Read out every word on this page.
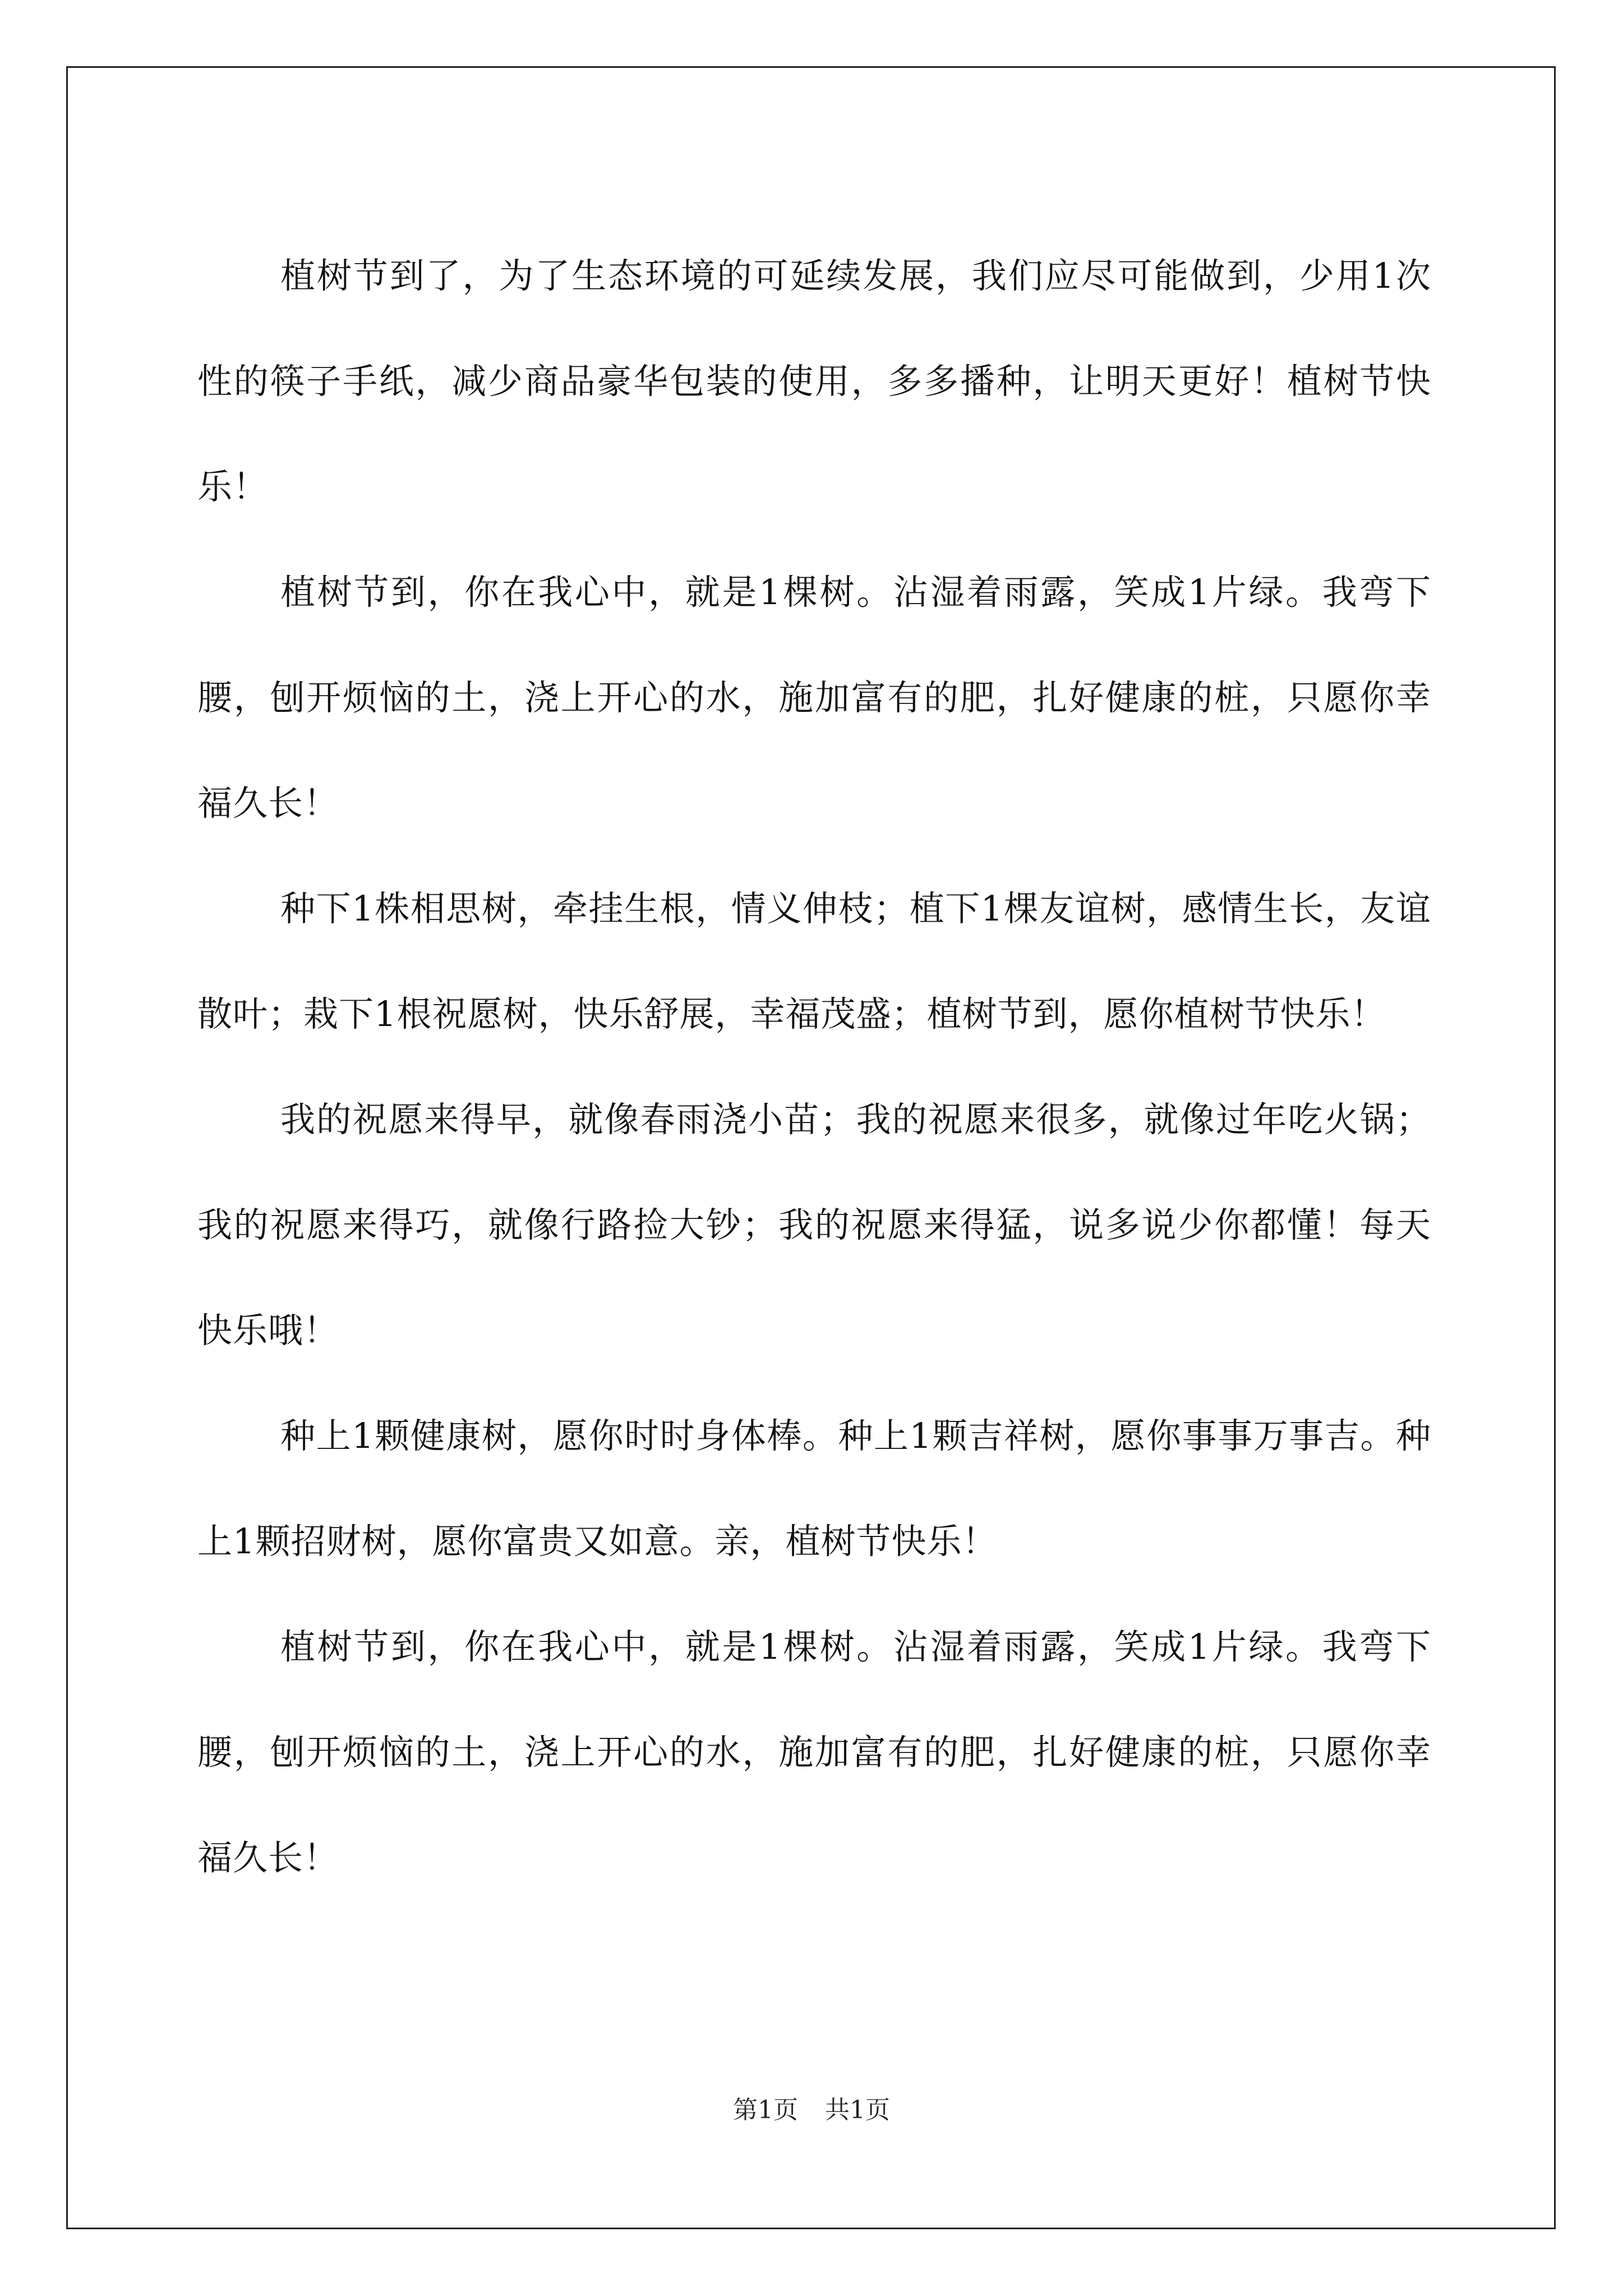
植树节到了，为了生态环境的可延续发展，我们应尽可能做到，少用1次性的筷子手纸，减少商品豪华包装的使用，多多播种，让明天更好！植树节快乐！

植树节到，你在我心中，就是1棵树。沾湿着雨露，笑成1片绿。我弯下腰，刨开烦恼的土，浇上开心的水，施加富有的肥，扎好健康的桩，只愿你幸福久长！

种下1株相思树，牵挂生根，情义伸枝；植下1棵友谊树，感情生长，友谊散叶；栽下1根祝愿树，快乐舒展，幸福茂盛；植树节到，愿你植树节快乐！

我的祝愿来得早，就像春雨浇小苗；我的祝愿来很多，就像过年吃火锅；我的祝愿来得巧，就像行路捡大钞；我的祝愿来得猛，说多说少你都懂！每天快乐哦！

种上1颗健康树，愿你时时身体棒。种上1颗吉祥树，愿你事事万事吉。种上1颗招财树，愿你富贵又如意。亲，植树节快乐！

植树节到，你在我心中，就是1棵树。沾湿着雨露，笑成1片绿。我弯下腰，刨开烦恼的土，浇上开心的水，施加富有的肥，扎好健康的桩，只愿你幸福久长！

第1页 共1页
